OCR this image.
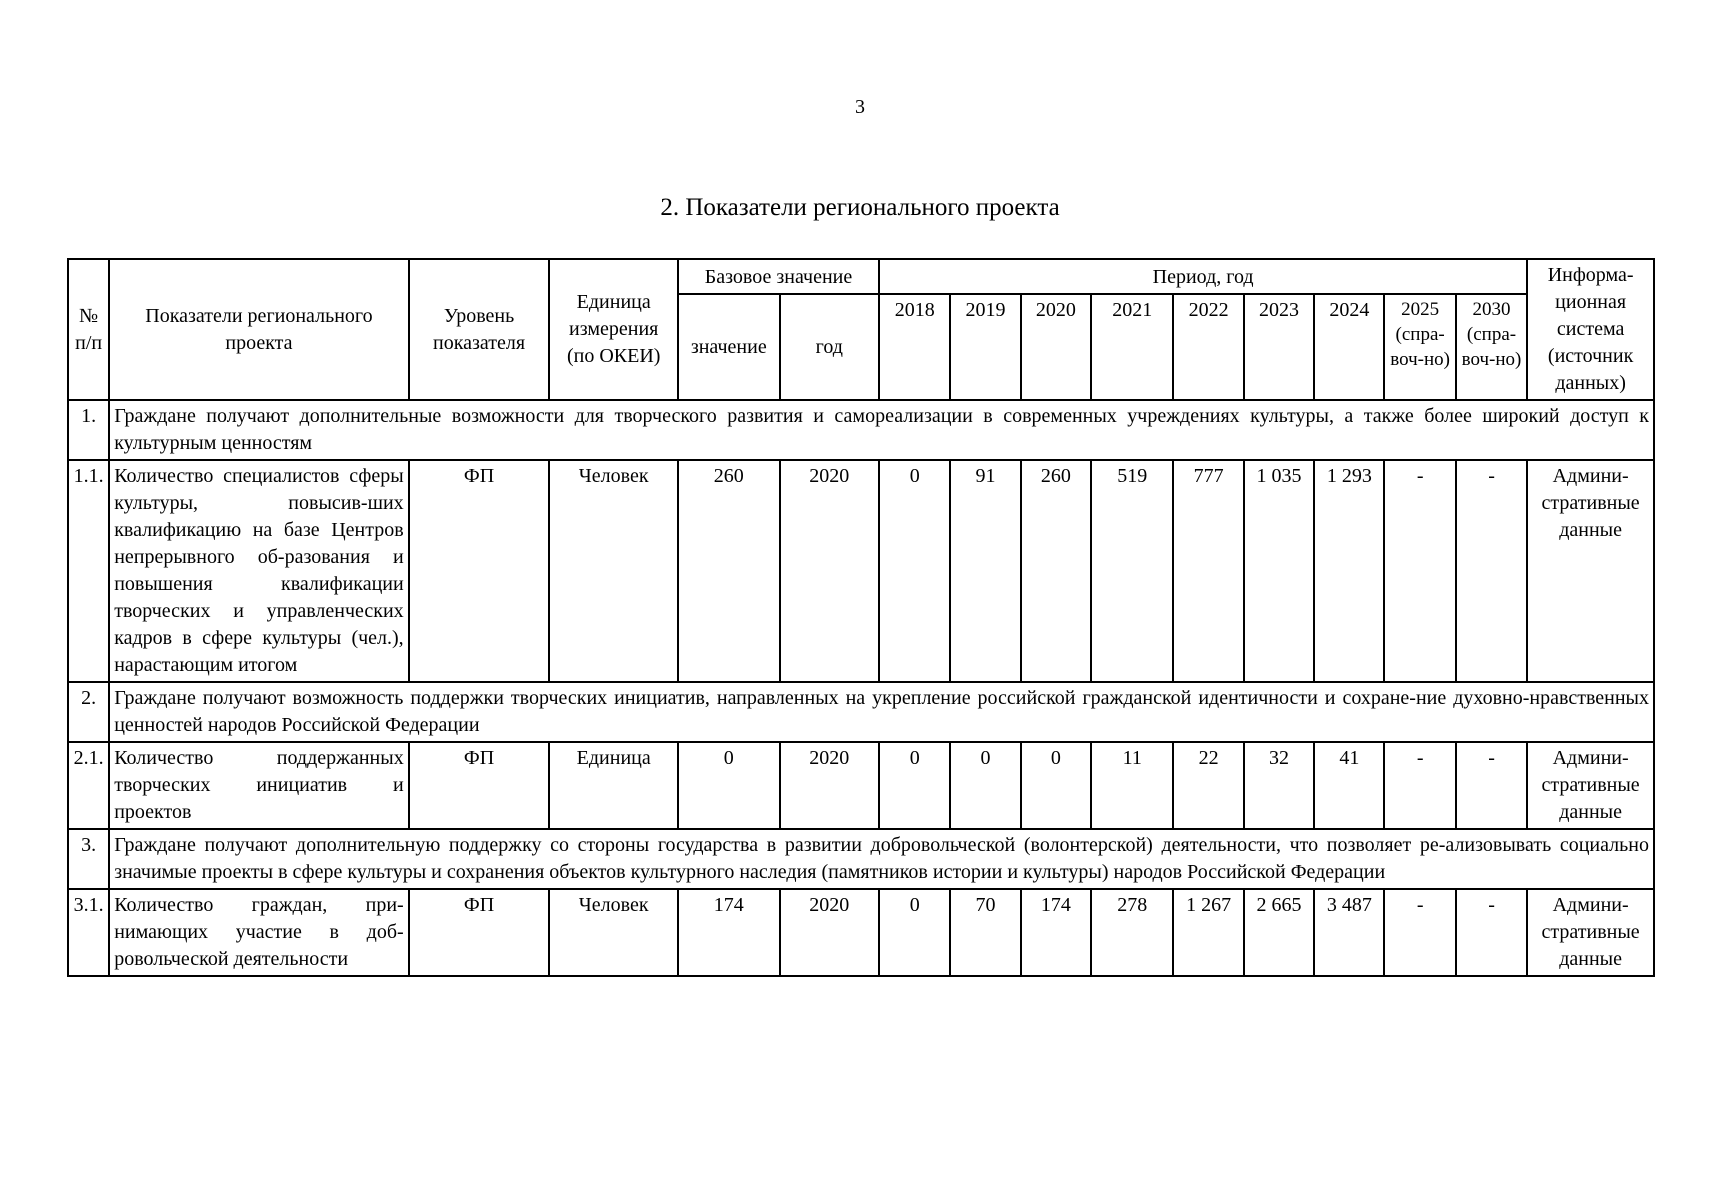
3
2. Показатели регионального проекта
№ п/п	Показатели регионального проекта	Уровень показателя	Единица измерения (по ОКЕИ)	Базовое значение		Период, год									Информа-ционная система (источник данных)
				значение	год	2018	2019	2020	2021	2022	2023	2024	2025 (спра-воч-но)	2030 (спра-воч-но)	
1.	Граждане получают дополнительные возможности для творческого развития и самореализации в современных учреждениях культуры, а также более широкий доступ к культурным ценностям														
1.1.	Количество специалистов сферы культуры, повысив-ших квалификацию на базе Центров непрерывного об-разования и повышения квалификации творческих и управленческих кадров в сфере культуры (чел.), нарастающим итогом	ФП	Человек	260	2020	0	91	260	519	777	1 035	1 293	-	-	Админи-стративные данные
2.	Граждане получают возможность поддержки творческих инициатив, направленных на укрепление российской гражданской идентичности и сохране-ние духовно-нравственных ценностей народов Российской Федерации														
2.1.	Количество поддержанных творческих инициатив и проектов	ФП	Единица	0	2020	0	0	0	11	22	32	41	-	-	Админи-стративные данные
3.	Граждане получают дополнительную поддержку со стороны государства в развитии добровольческой (волонтерской) деятельности, что позволяет ре-ализовывать социально значимые проекты в сфере культуры и сохранения объектов культурного наследия (памятников истории и культуры) народов Российской Федерации														
3.1.	Количество граждан, при-нимающих участие в доб-ровольческой деятельности	ФП	Человек	174	2020	0	70	174	278	1 267	2 665	3 487	-	-	Админи-стративные данные
